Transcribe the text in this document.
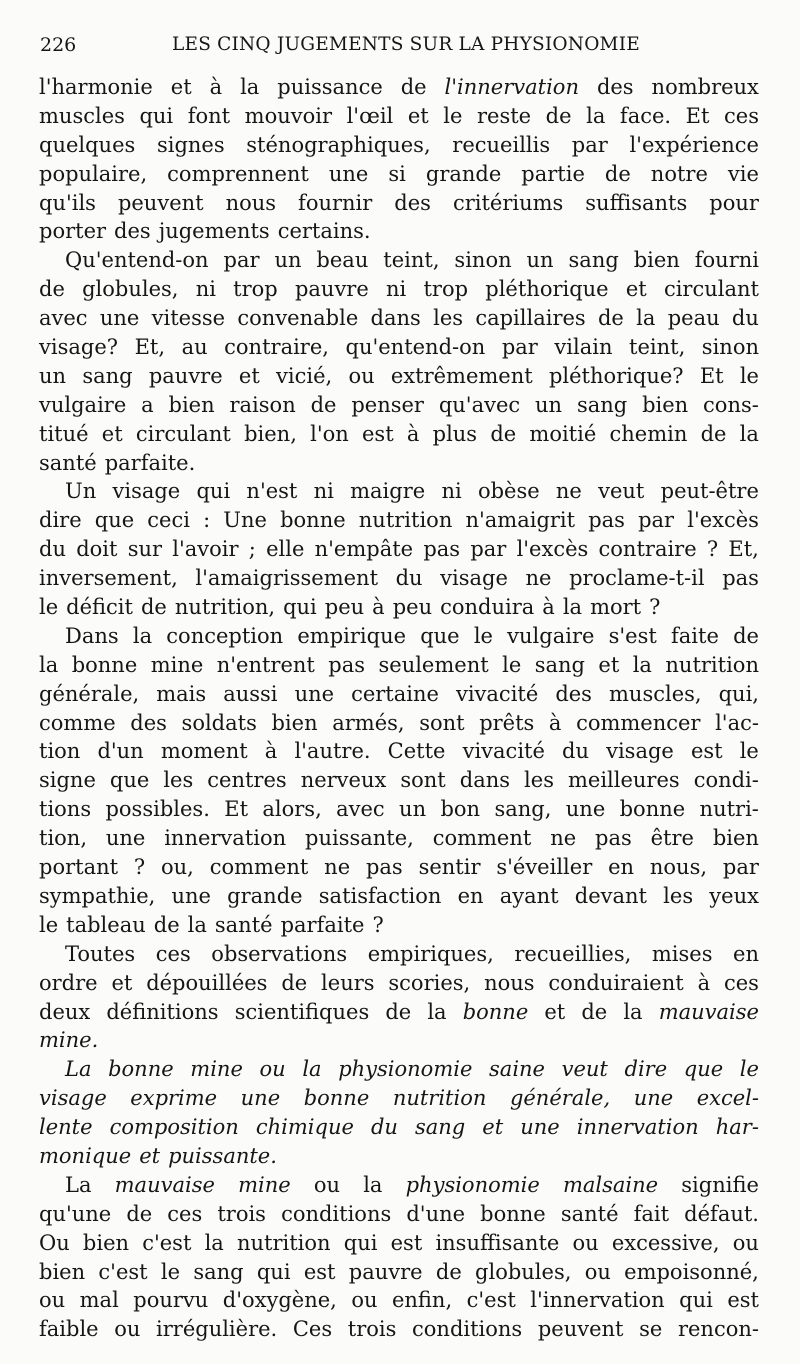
226	LES CINQ JUGEMENTS SUR LA PHYSIONOMIE
l'harmonie et à la puissance de l'innervation des nombreux
muscles qui font mouvoir l'œil et le reste de la face. Et ces
quelques signes sténographiques, recueillis par l'expérience
populaire, comprennent une si grande partie de notre vie
qu'ils peuvent nous fournir des critériums suffisants pour
porter des jugements certains.
Qu'entend-on par un beau teint, sinon un sang bien fourni
de globules, ni trop pauvre ni trop pléthorique et circulant
avec une vitesse convenable dans les capillaires de la peau du
visage? Et, au contraire, qu'entend-on par vilain teint, sinon
un sang pauvre et vicié, ou extrêmement pléthorique? Et le
vulgaire a bien raison de penser qu'avec un sang bien cons-
titué et circulant bien, l'on est à plus de moitié chemin de la
santé parfaite.
Un visage qui n'est ni maigre ni obèse ne veut peut-être
dire que ceci : Une bonne nutrition n'amaigrit pas par l'excès
du doit sur l'avoir ; elle n'empâte pas par l'excès contraire ? Et,
inversement, l'amaigrissement du visage ne proclame-t-il pas
le déficit de nutrition, qui peu à peu conduira à la mort ?
Dans la conception empirique que le vulgaire s'est faite de
la bonne mine n'entrent pas seulement le sang et la nutrition
générale, mais aussi une certaine vivacité des muscles, qui,
comme des soldats bien armés, sont prêts à commencer l'ac-
tion d'un moment à l'autre. Cette vivacité du visage est le
signe que les centres nerveux sont dans les meilleures condi-
tions possibles. Et alors, avec un bon sang, une bonne nutri-
tion, une innervation puissante, comment ne pas être bien
portant ? ou, comment ne pas sentir s'éveiller en nous, par
sympathie, une grande satisfaction en ayant devant les yeux
le tableau de la santé parfaite ?
Toutes ces observations empiriques, recueillies, mises en
ordre et dépouillées de leurs scories, nous conduiraient à ces
deux définitions scientifiques de la bonne et de la mauvaise
mine.
La bonne mine ou la physionomie saine veut dire que le
visage exprime une bonne nutrition générale, une excel-
lente composition chimique du sang et une innervation har-
monique et puissante.
La mauvaise mine ou la physionomie malsaine signifie
qu'une de ces trois conditions d'une bonne santé fait défaut.
Ou bien c'est la nutrition qui est insuffisante ou excessive, ou
bien c'est le sang qui est pauvre de globules, ou empoisonné,
ou mal pourvu d'oxygène, ou enfin, c'est l'innervation qui est
faible ou irrégulière. Ces trois conditions peuvent se rencon-
